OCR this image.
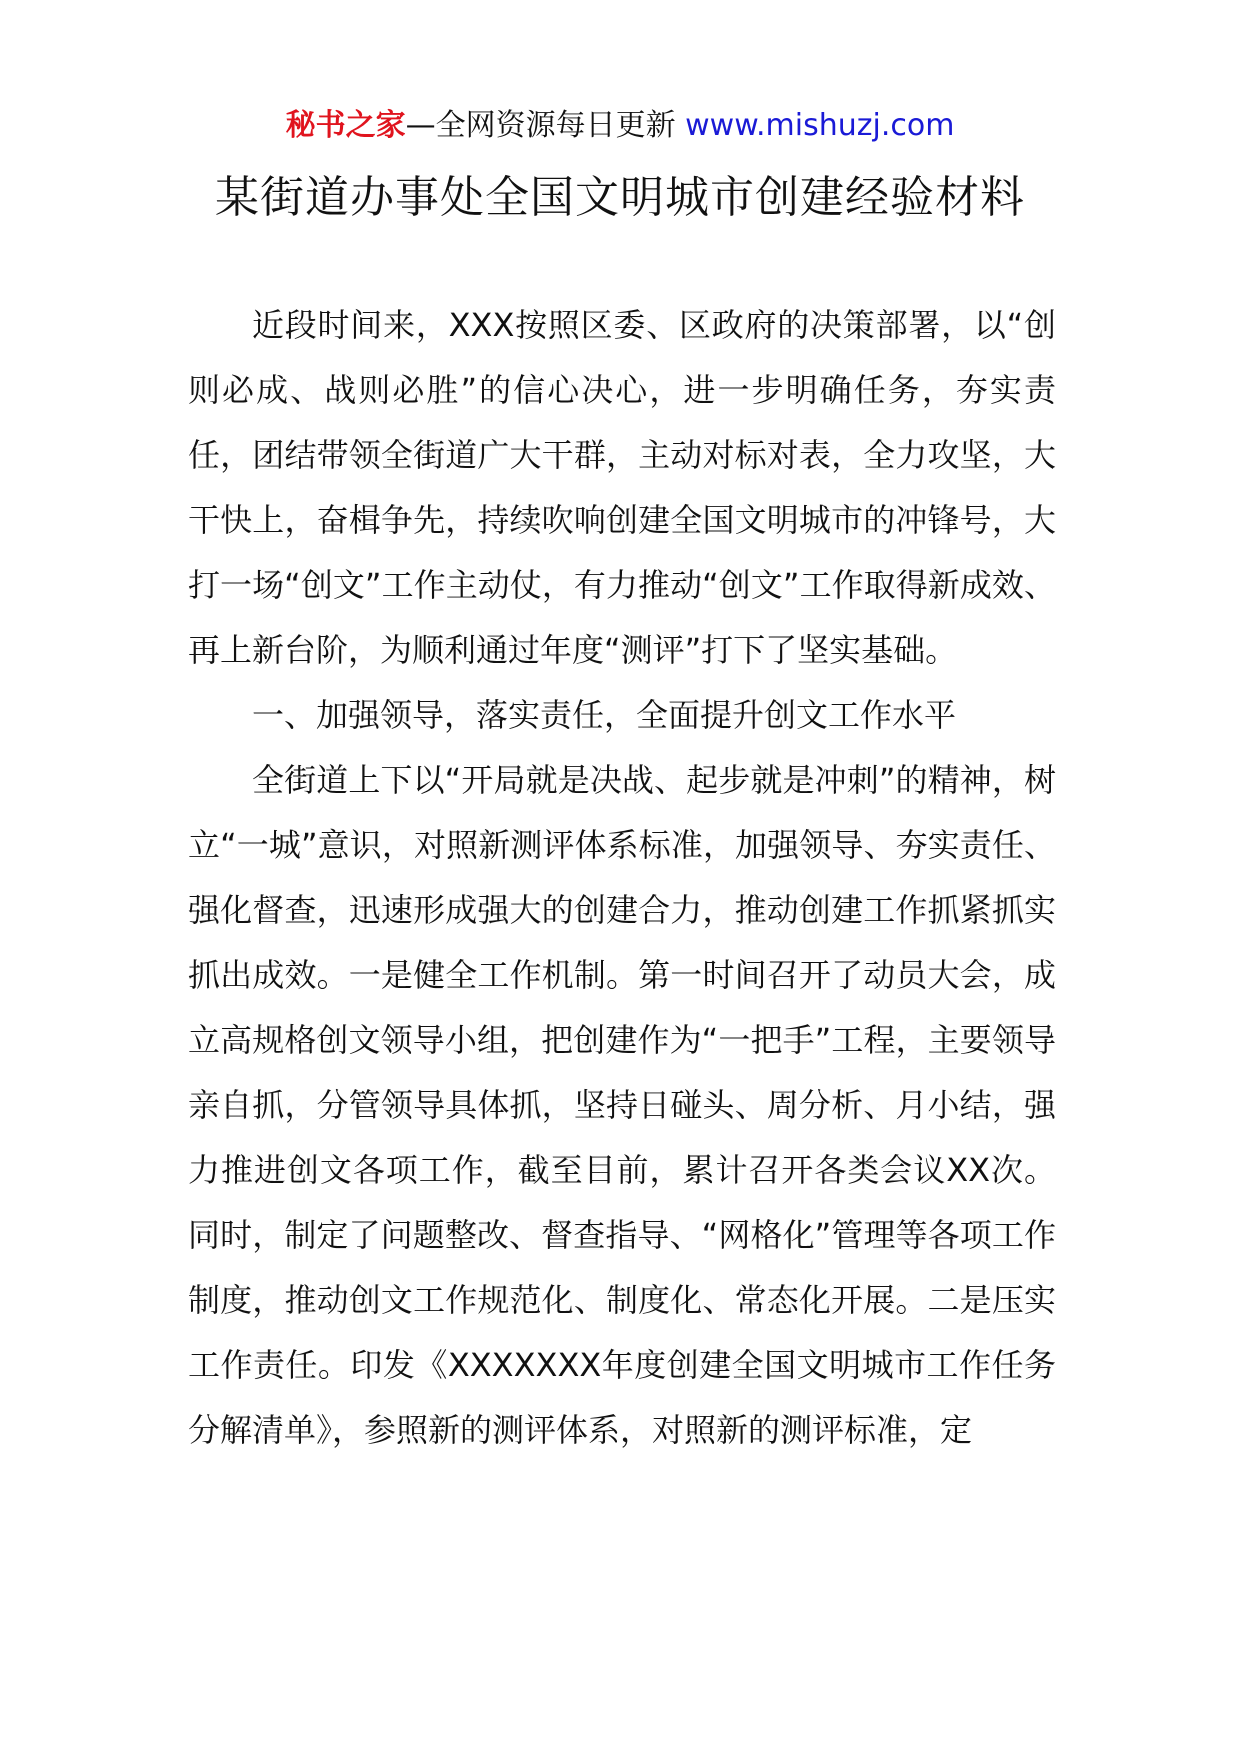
秘书之家—全网资源每日更新 www.mishuzj.com
某街道办事处全国文明城市创建经验材料

近段时间来，XXX按照区委、区政府的决策部署，以“创则必成、战则必胜”的信心决心，进一步明确任务，夯实责任，团结带领全街道广大干群，主动对标对表，全力攻坚，大干快上，奋楫争先，持续吹响创建全国文明城市的冲锋号，大打一场“创文”工作主动仗，有力推动“创文”工作取得新成效、再上新台阶，为顺利通过年度“测评”打下了坚实基础。

一、加强领导，落实责任，全面提升创文工作水平

全街道上下以“开局就是决战、起步就是冲刺”的精神，树立“一城”意识，对照新测评体系标准，加强领导、夯实责任、强化督查，迅速形成强大的创建合力，推动创建工作抓紧抓实抓出成效。一是健全工作机制。第一时间召开了动员大会，成立高规格创文领导小组，把创建作为“一把手”工程，主要领导亲自抓，分管领导具体抓，坚持日碰头、周分析、月小结，强力推进创文各项工作，截至目前，累计召开各类会议XX次。同时，制定了问题整改、督查指导、“网格化”管理等各项工作制度，推动创文工作规范化、制度化、常态化开展。二是压实工作责任。印发《XXXXXXX年度创建全国文明城市工作任务分解清单》，参照新的测评体系，对照新的测评标准，定
